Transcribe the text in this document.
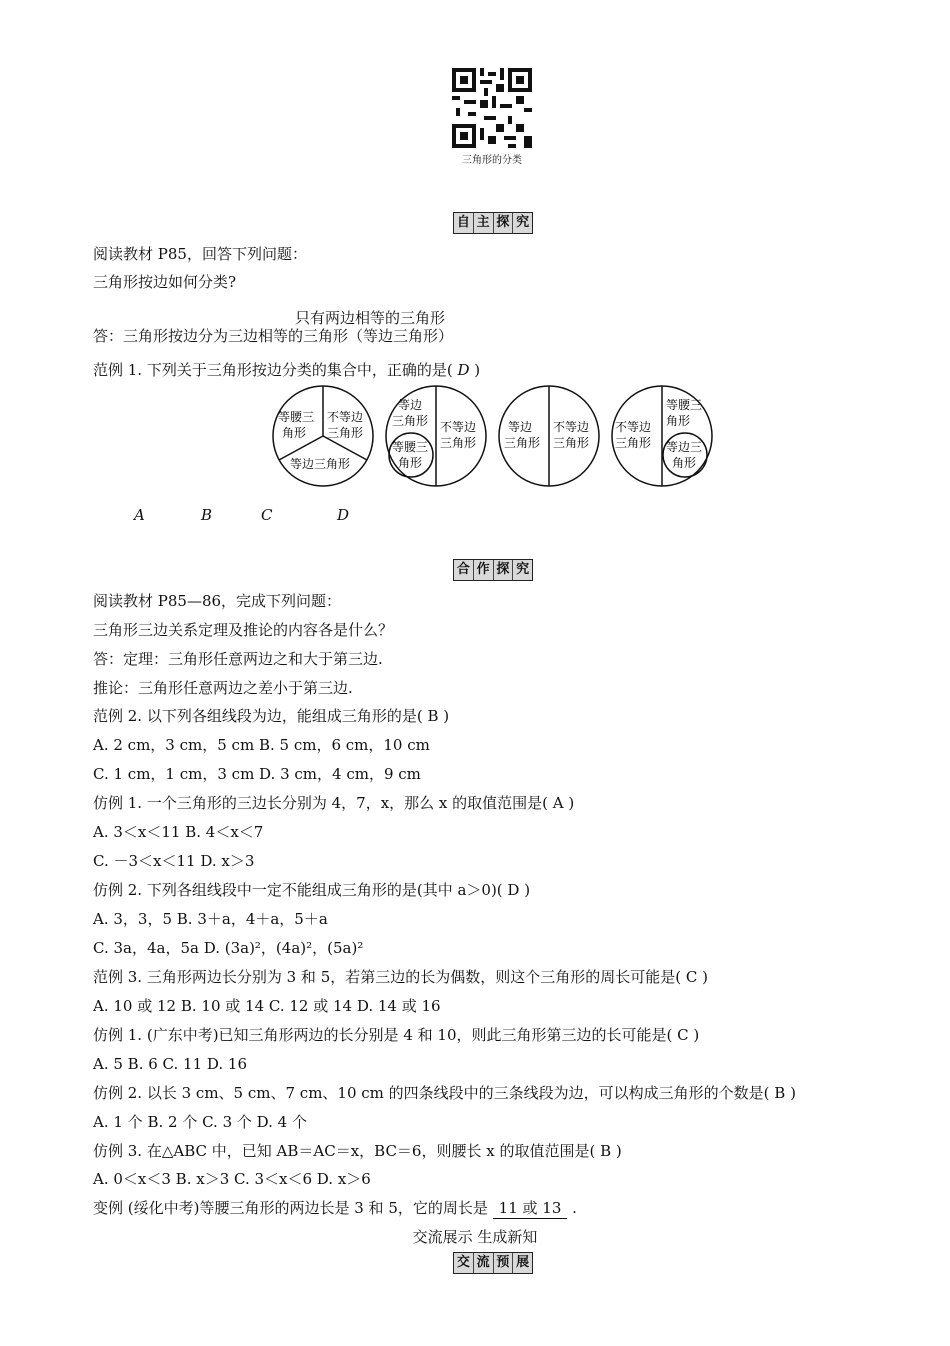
三角形的分类
自 主 探 究
阅读教材 P85，回答下列问题：
三角形按边如何分类?
只有两边相等的三角形
答：三角形按边分为三边相等的三角形（等边三角形）
范例 1. 下列关于三角形按边分类的集合中，正确的是( D )
等腰三
角形
不等边
三角形
等边三角形
等边
三角形
等腰三
角形
不等边
三角形
等边
三角形
不等边
三角形
不等边
三角形
等腰三
角形
等边三
角形
A	B	C	D
合 作 探 究
阅读教材 P85—86，完成下列问题：
三角形三边关系定理及推论的内容各是什么？
答：定理：三角形任意两边之和大于第三边.
推论：三角形任意两边之差小于第三边.
范例 2. 以下列各组线段为边，能组成三角形的是( B )
A. 2 cm，3 cm，5 cm B. 5 cm，6 cm，10 cm
C. 1 cm，1 cm，3 cm D. 3 cm，4 cm，9 cm
仿例 1. 一个三角形的三边长分别为 4，7，x，那么 x 的取值范围是( A )
A. 3＜x＜11 B. 4＜x＜7
C. －3＜x＜11 D. x＞3
仿例 2. 下列各组线段中一定不能组成三角形的是(其中 a＞0)( D )
A. 3，3，5 B. 3＋a，4＋a，5＋a
C. 3a，4a，5a D. (3a)²，(4a)²，(5a)²
范例 3. 三角形两边长分别为 3 和 5，若第三边的长为偶数，则这个三角形的周长可能是( C )
A. 10 或 12 B. 10 或 14 C. 12 或 14 D. 14 或 16
仿例 1. (广东中考)已知三角形两边的长分别是 4 和 10，则此三角形第三边的长可能是( C )
A. 5 B. 6 C. 11 D. 16
仿例 2. 以长 3 cm、5 cm、7 cm、10 cm 的四条线段中的三条线段为边，可以构成三角形的个数是( B )
A. 1 个 B. 2 个 C. 3 个 D. 4 个
仿例 3. 在△ABC 中，已知 AB＝AC＝x，BC＝6，则腰长 x 的取值范围是( B )
A. 0＜x＜3 B. x＞3 C. 3＜x＜6 D. x＞6
变例 (绥化中考)等腰三角形的两边长是 3 和 5，它的周长是 11 或 13 .
交流展示 生成新知
交 流 预 展
